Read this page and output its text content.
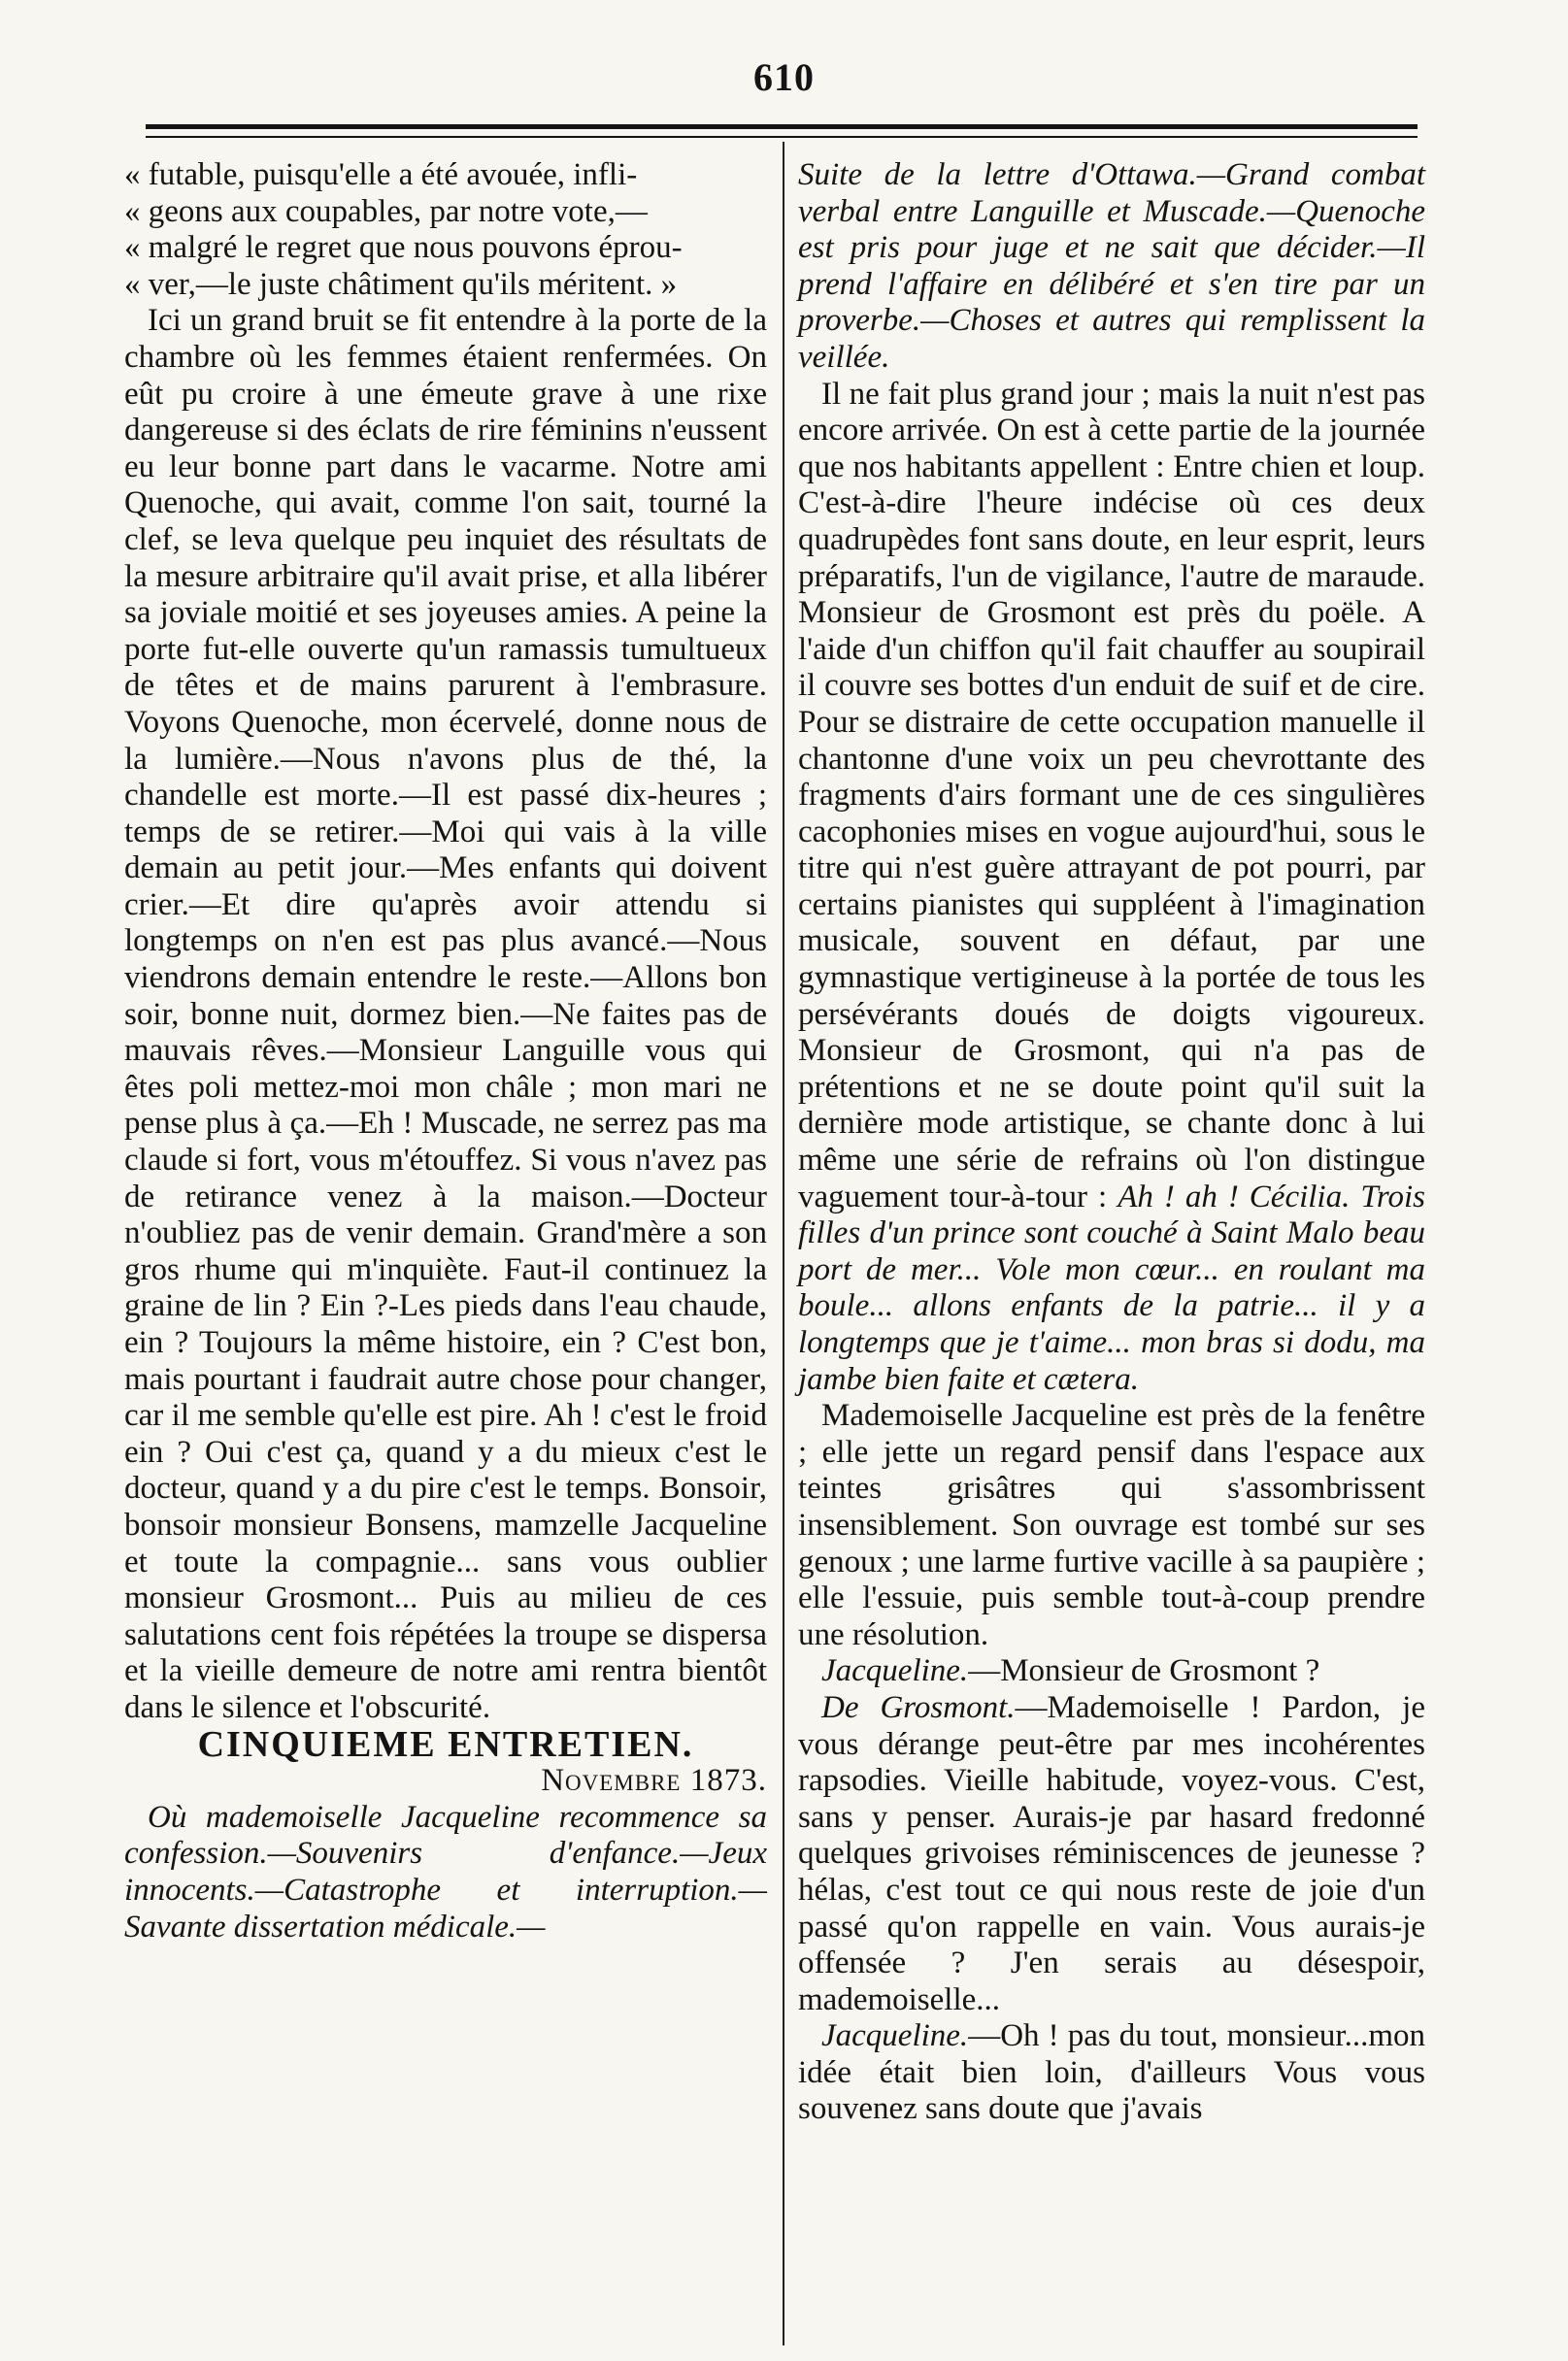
610

« futable, puisqu'elle a été avouée, infli-

« geons aux coupables, par notre vote,—

« malgré le regret que nous pouvons éprou-

« ver,—le juste châtiment qu'ils méritent. »

Ici un grand bruit se fit entendre à la porte de la chambre où les femmes étaient renfermées. On eût pu croire à une émeute grave à une rixe dangereuse si des éclats de rire féminins n'eussent eu leur bonne part dans le vacarme. Notre ami Quenoche, qui avait, comme l'on sait, tourné la clef, se leva quelque peu inquiet des résultats de la mesure arbitraire qu'il avait prise, et alla libérer sa joviale moitié et ses joyeuses amies. A peine la porte fut-elle ouverte qu'un ramassis tumultueux de têtes et de mains parurent à l'embrasure. Voyons Quenoche, mon écervelé, donne nous de la lumière.—Nous n'avons plus de thé, la chandelle est morte.—Il est passé dix-heures ; temps de se retirer.—Moi qui vais à la ville demain au petit jour.—Mes enfants qui doivent crier.—Et dire qu'après avoir attendu si longtemps on n'en est pas plus avancé.—Nous viendrons demain entendre le reste.—Allons bon soir, bonne nuit, dormez bien.—Ne faites pas de mauvais rêves.—Monsieur Languille vous qui êtes poli mettez-moi mon châle ; mon mari ne pense plus à ça.—Eh ! Muscade, ne serrez pas ma claude si fort, vous m'étouffez. Si vous n'avez pas de retirance venez à la maison.—Docteur n'oubliez pas de venir demain. Grand'mère a son gros rhume qui m'inquiète. Faut-il continuez la graine de lin ? Ein ?-Les pieds dans l'eau chaude, ein ? Toujours la même histoire, ein ? C'est bon, mais pourtant i faudrait autre chose pour changer, car il me semble qu'elle est pire. Ah ! c'est le froid ein ? Oui c'est ça, quand y a du mieux c'est le docteur, quand y a du pire c'est le temps. Bonsoir, bonsoir monsieur Bonsens, mamzelle Jacqueline et toute la compagnie... sans vous oublier monsieur Grosmont... Puis au milieu de ces salutations cent fois répétées la troupe se dispersa et la vieille demeure de notre ami rentra bientôt dans le silence et l'obscurité.

CINQUIEME ENTRETIEN.

Novembre 1873.

Où mademoiselle Jacqueline recommence sa confession.—Souvenirs d'enfance.—Jeux innocents.—Catastrophe et interruption.—Savante dissertation médicale.—

Suite de la lettre d'Ottawa.—Grand combat verbal entre Languille et Muscade.—Quenoche est pris pour juge et ne sait que décider.—Il prend l'affaire en délibéré et s'en tire par un proverbe.—Choses et autres qui remplissent la veillée.

Il ne fait plus grand jour ; mais la nuit n'est pas encore arrivée. On est à cette partie de la journée que nos habitants appellent : Entre chien et loup. C'est-à-dire l'heure indécise où ces deux quadrupèdes font sans doute, en leur esprit, leurs préparatifs, l'un de vigilance, l'autre de maraude. Monsieur de Grosmont est près du poële. A l'aide d'un chiffon qu'il fait chauffer au soupirail il couvre ses bottes d'un enduit de suif et de cire. Pour se distraire de cette occupation manuelle il chantonne d'une voix un peu chevrottante des fragments d'airs formant une de ces singulières cacophonies mises en vogue aujourd'hui, sous le titre qui n'est guère attrayant de pot pourri, par certains pianistes qui suppléent à l'imagination musicale, souvent en défaut, par une gymnastique vertigineuse à la portée de tous les persévérants doués de doigts vigoureux. Monsieur de Grosmont, qui n'a pas de prétentions et ne se doute point qu'il suit la dernière mode artistique, se chante donc à lui même une série de refrains où l'on distingue vaguement tour-à-tour : Ah ! ah ! Cécilia. Trois filles d'un prince sont couché à Saint Malo beau port de mer... Vole mon cœur... en roulant ma boule... allons enfants de la patrie... il y a longtemps que je t'aime... mon bras si dodu, ma jambe bien faite et cætera.

Mademoiselle Jacqueline est près de la fenêtre ; elle jette un regard pensif dans l'espace aux teintes grisâtres qui s'assombrissent insensiblement. Son ouvrage est tombé sur ses genoux ; une larme furtive vacille à sa paupière ; elle l'essuie, puis semble tout-à-coup prendre une résolution.

Jacqueline.—Monsieur de Grosmont ?

De Grosmont.—Mademoiselle ! Pardon, je vous dérange peut-être par mes incohérentes rapsodies. Vieille habitude, voyez-vous. C'est, sans y penser. Aurais-je par hasard fredonné quelques grivoises réminiscences de jeunesse ? hélas, c'est tout ce qui nous reste de joie d'un passé qu'on rappelle en vain. Vous aurais-je offensée ? J'en serais au désespoir, mademoiselle...

Jacqueline.—Oh ! pas du tout, monsieur...mon idée était bien loin, d'ailleurs Vous vous souvenez sans doute que j'avais
